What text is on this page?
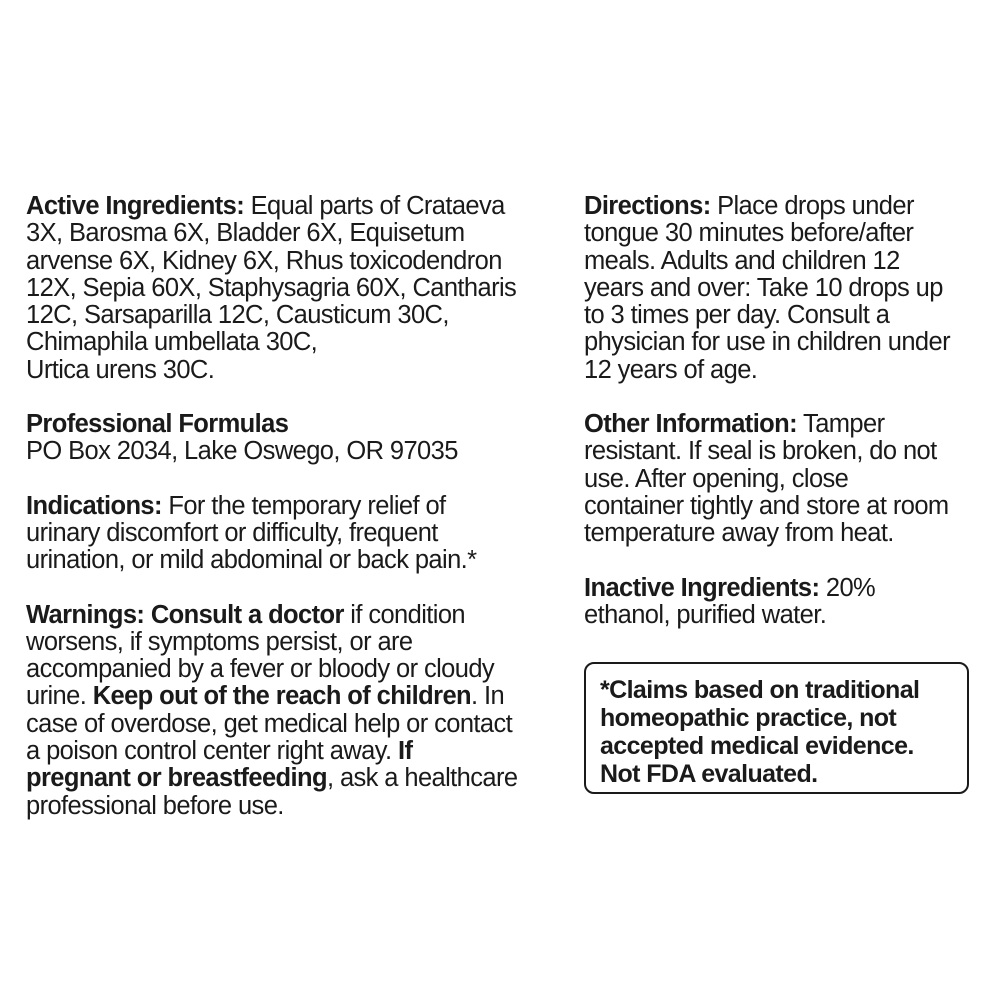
Active Ingredients: Equal parts of Crataeva
3X, Barosma 6X, Bladder 6X, Equisetum
arvense 6X, Kidney 6X, Rhus toxicodendron
12X, Sepia 60X, Staphysagria 60X, Cantharis
12C, Sarsaparilla 12C, Causticum 30C,
Chimaphila umbellata 30C,
Urtica urens 30C.
Professional Formulas
PO Box 2034, Lake Oswego, OR 97035
Indications: For the temporary relief of
urinary discomfort or difficulty, frequent
urination, or mild abdominal or back pain.*
Warnings: Consult a doctor if condition
worsens, if symptoms persist, or are
accompanied by a fever or bloody or cloudy
urine. Keep out of the reach of children. In
case of overdose, get medical help or contact
a poison control center right away. If
pregnant or breastfeeding, ask a healthcare
professional before use.
Directions: Place drops under
tongue 30 minutes before/after
meals. Adults and children 12
years and over: Take 10 drops up
to 3 times per day. Consult a
physician for use in children under
12 years of age.
Other Information: Tamper
resistant. If seal is broken, do not
use. After opening, close
container tightly and store at room
temperature away from heat.
Inactive Ingredients: 20%
ethanol, purified water.
*Claims based on traditional
homeopathic practice, not
accepted medical evidence.
Not FDA evaluated.
